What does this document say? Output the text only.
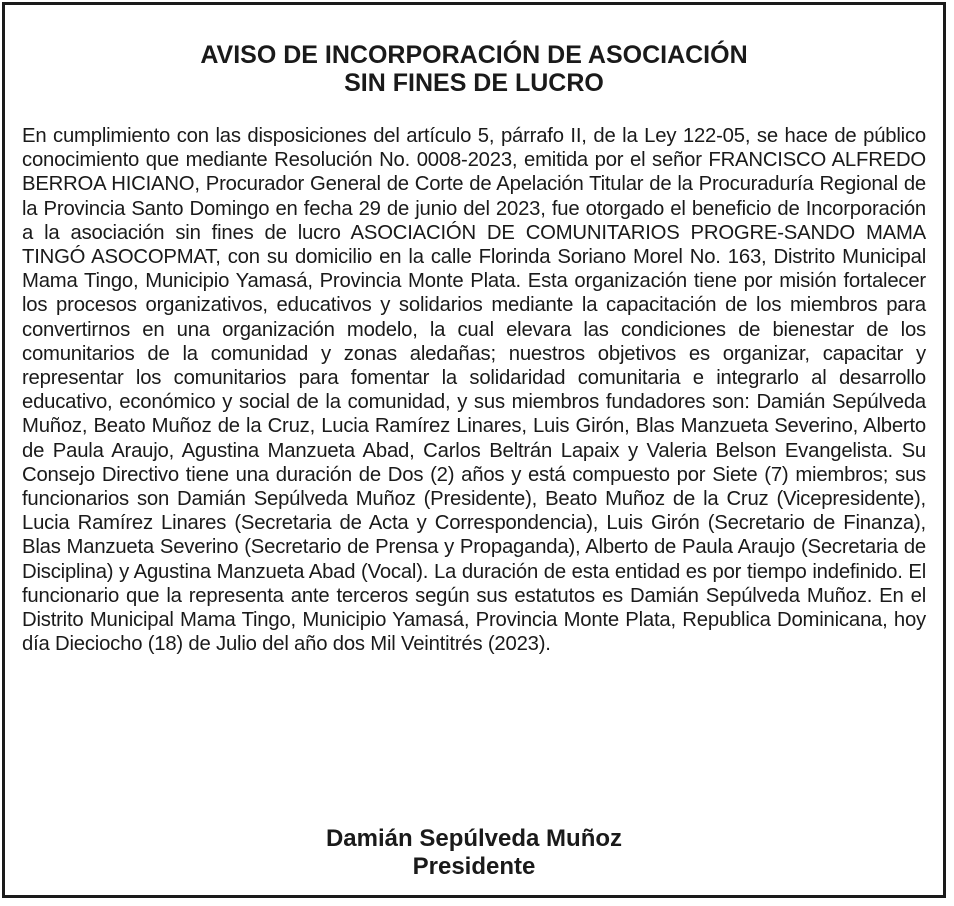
AVISO DE INCORPORACIÓN DE ASOCIACIÓN
SIN FINES DE LUCRO

En cumplimiento con las disposiciones del artículo 5, párrafo II, de la Ley 122-05, se hace de público conocimiento que mediante Resolución No. 0008-2023, emitida por el señor FRANCISCO ALFREDO BERROA HICIANO, Procurador General de Corte de Apelación Titular de la Procuraduría Regional de la Provincia Santo Domingo en fecha 29 de junio del 2023, fue otorgado el beneficio de Incorporación a la asociación sin fines de lucro ASOCIACIÓN DE COMUNITARIOS PROGRE-SANDO MAMA TINGÓ ASOCOPMAT, con su domicilio en la calle Florinda Soriano Morel No. 163, Distrito Municipal Mama Tingo, Municipio Yamasá, Provincia Monte Plata. Esta organización tiene por misión fortalecer los procesos organizativos, educativos y solidarios mediante la capacitación de los miembros para convertirnos en una organización modelo, la cual elevara las condiciones de bienestar de los comunitarios de la comunidad y zonas aledañas; nuestros objetivos es organizar, capacitar y representar los comunitarios para fomentar la solidaridad comunitaria e integrarlo al desarrollo educativo, económico y social de la comunidad, y sus miembros fundadores son: Damián Sepúlveda Muñoz, Beato Muñoz de la Cruz, Lucia Ramírez Linares, Luis Girón, Blas Manzueta Severino, Alberto de Paula Araujo, Agustina Manzueta Abad, Carlos Beltrán Lapaix y Valeria Belson Evangelista. Su Consejo Directivo tiene una duración de Dos (2) años y está compuesto por Siete (7) miembros; sus funcionarios son Damián Sepúlveda Muñoz (Presidente), Beato Muñoz de la Cruz (Vicepresidente), Lucia Ramírez Linares (Secretaria de Acta y Correspondencia), Luis Girón (Secretario de Finanza), Blas Manzueta Severino (Secretario de Prensa y Propaganda), Alberto de Paula Araujo (Secretaria de Disciplina) y Agustina Manzueta Abad (Vocal). La duración de esta entidad es por tiempo indefinido. El funcionario que la representa ante terceros según sus estatutos es Damián Sepúlveda Muñoz. En el Distrito Municipal Mama Tingo, Municipio Yamasá, Provincia Monte Plata, Republica Dominicana, hoy día Dieciocho (18) de Julio del año dos Mil Veintitrés (2023).

Damián Sepúlveda Muñoz
Presidente
